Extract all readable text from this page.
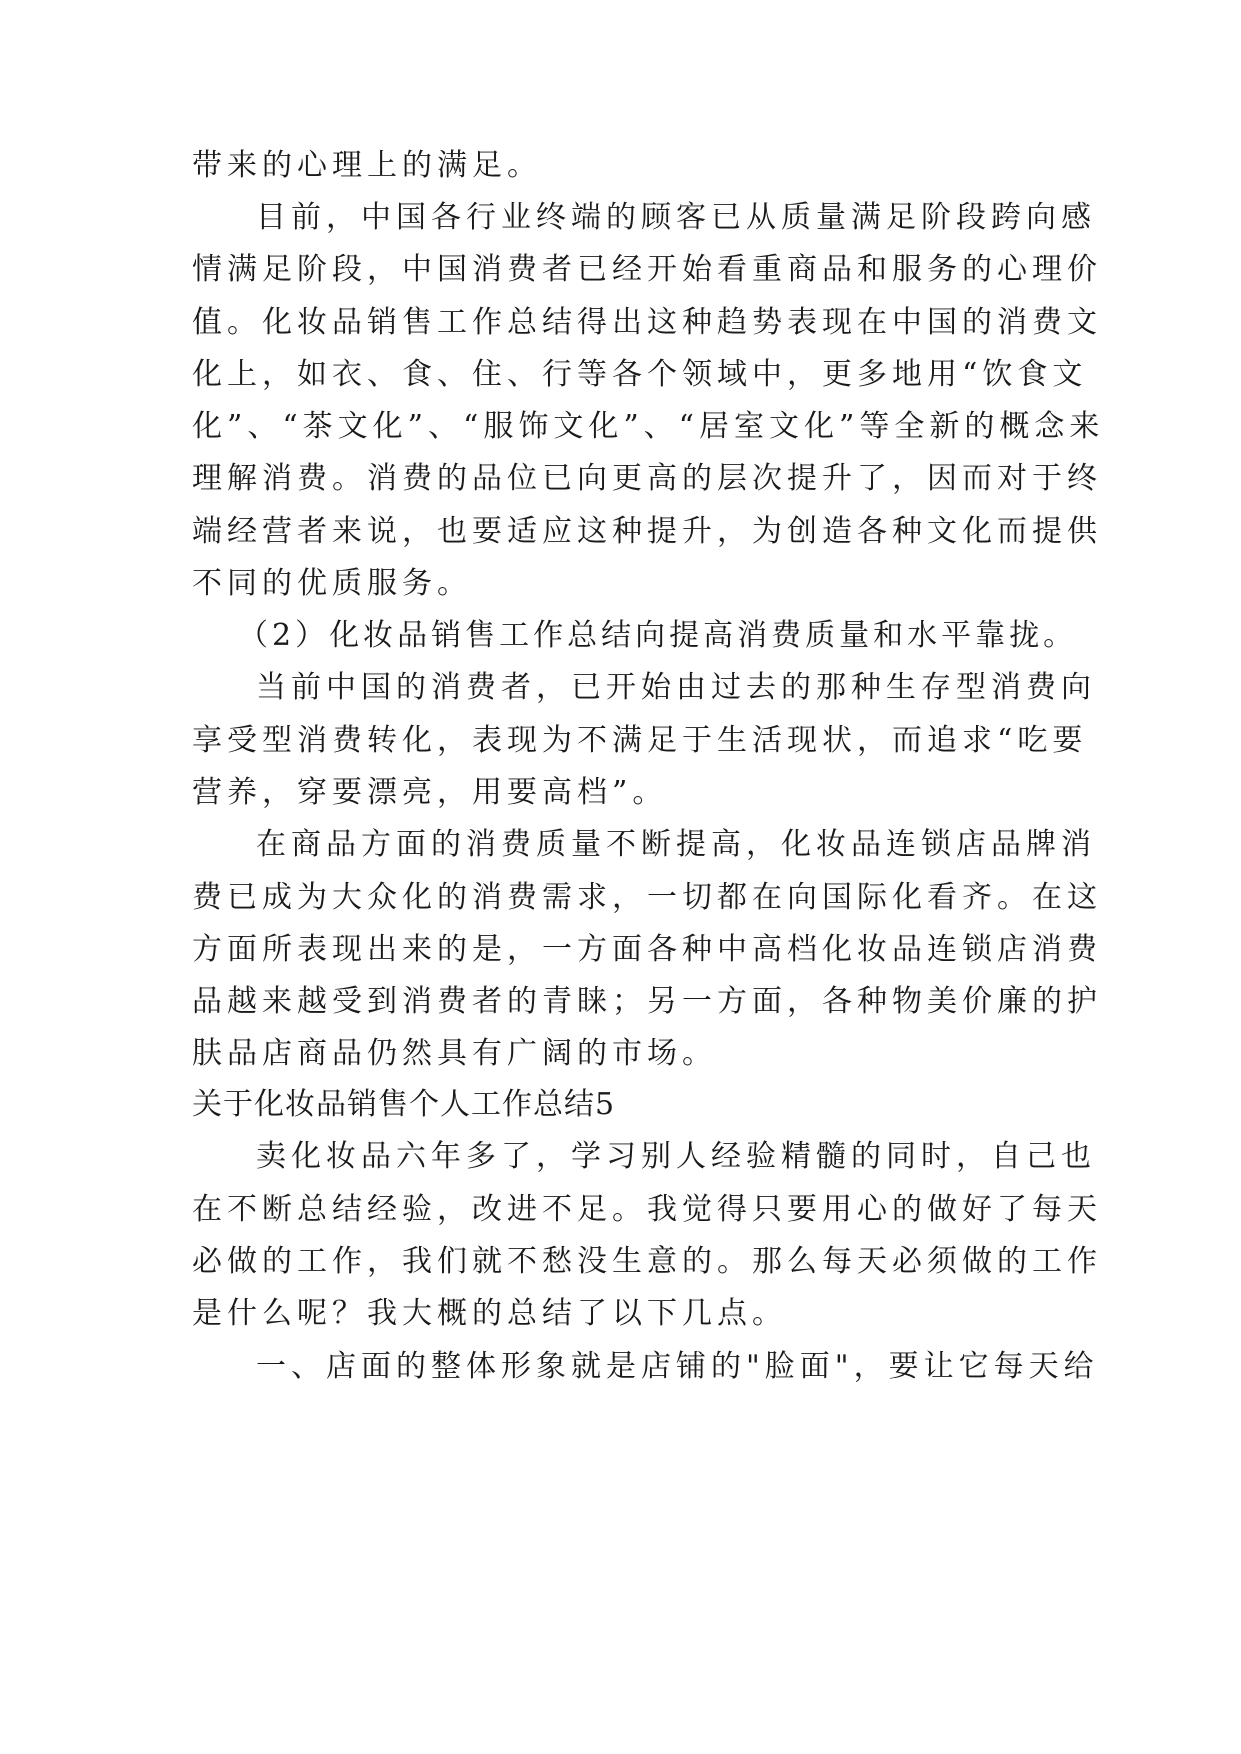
带来的心理上的满足。

目前，中国各行业终端的顾客已从质量满足阶段跨向感

情满足阶段，中国消费者已经开始看重商品和服务的心理价

值。化妆品销售工作总结得出这种趋势表现在中国的消费文

化上，如衣、食、住、行等各个领域中，更多地用“饮食文

化”、“茶文化”、“服饰文化”、“居室文化”等全新的概念来

理解消费。消费的品位已向更高的层次提升了，因而对于终

端经营者来说，也要适应这种提升，为创造各种文化而提供

不同的优质服务。

（2）化妆品销售工作总结向提高消费质量和水平靠拢。

当前中国的消费者，已开始由过去的那种生存型消费向

享受型消费转化，表现为不满足于生活现状，而追求“吃要

营养，穿要漂亮，用要高档”。

在商品方面的消费质量不断提高，化妆品连锁店品牌消

费已成为大众化的消费需求，一切都在向国际化看齐。在这

方面所表现出来的是，一方面各种中高档化妆品连锁店消费

品越来越受到消费者的青睐；另一方面，各种物美价廉的护

肤品店商品仍然具有广阔的市场。

关于化妆品销售个人工作总结5

卖化妆品六年多了，学习别人经验精髓的同时，自己也

在不断总结经验，改进不足。我觉得只要用心的做好了每天

必做的工作，我们就不愁没生意的。那么每天必须做的工作

是什么呢？我大概的总结了以下几点。

一、店面的整体形象就是店铺的"脸面"，要让它每天给
